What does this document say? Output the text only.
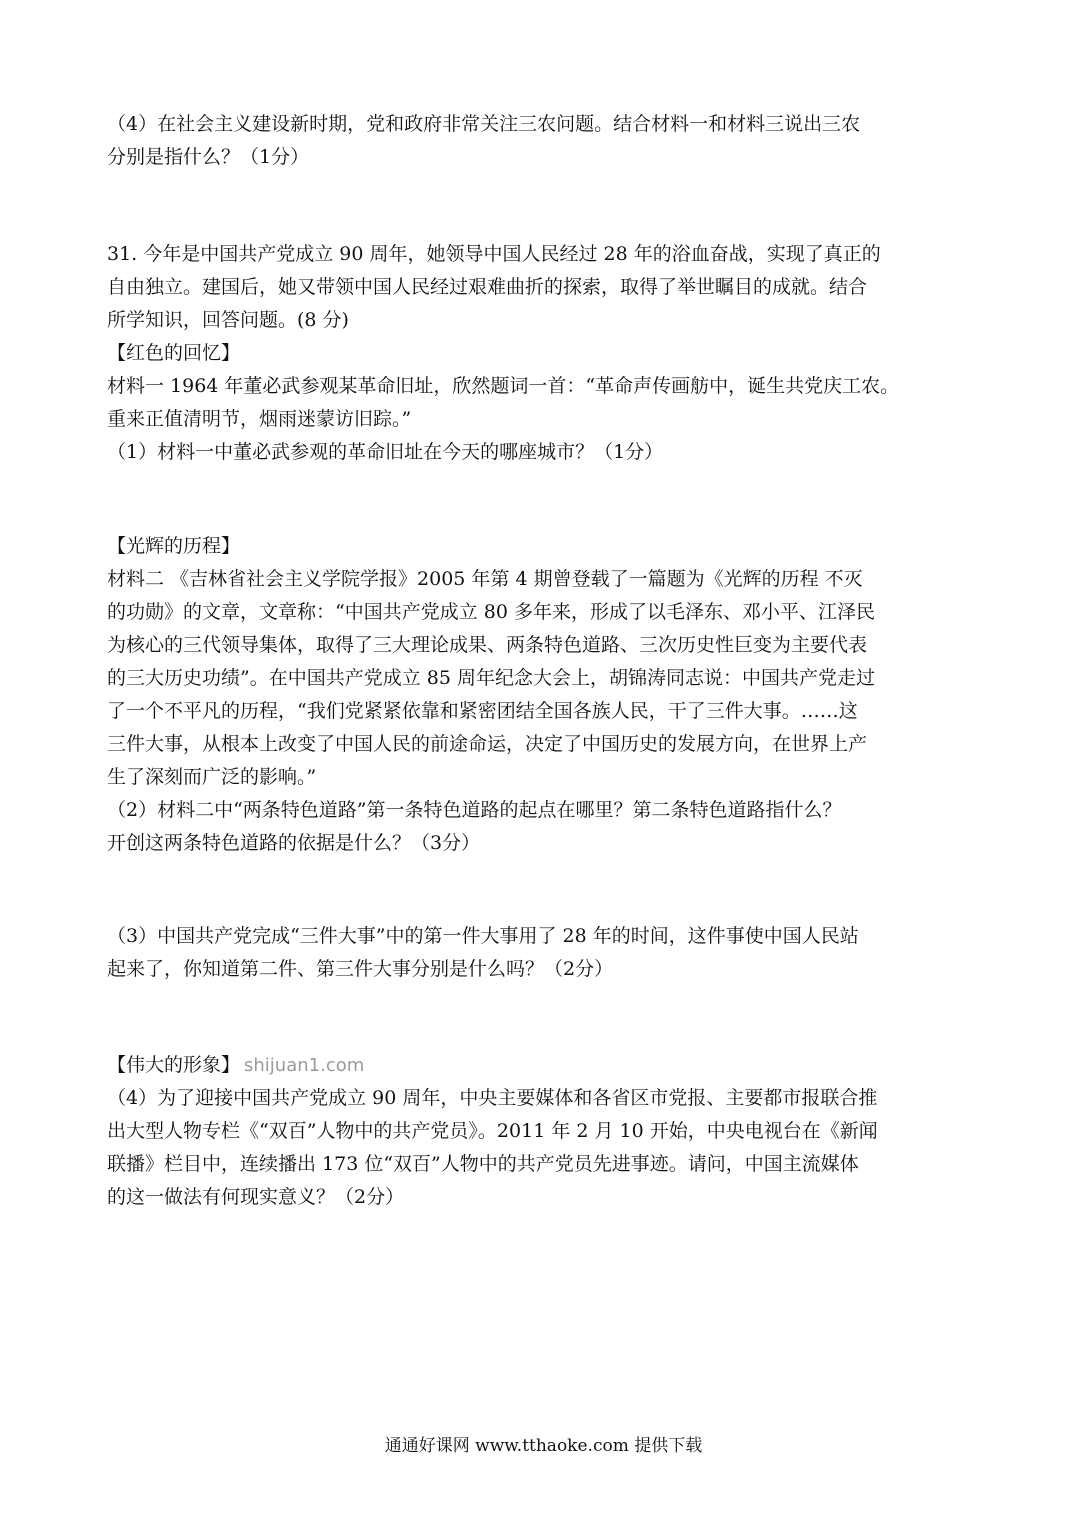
（4）在社会主义建设新时期，党和政府非常关注三农问题。结合材料一和材料三说出三农
分别是指什么？（1分）
31. 今年是中国共产党成立 90 周年，她领导中国人民经过 28 年的浴血奋战，实现了真正的
自由独立。建国后，她又带领中国人民经过艰难曲折的探索，取得了举世瞩目的成就。结合
所学知识，回答问题。(8 分)
【红色的回忆】
材料一 1964 年董必武参观某革命旧址，欣然题词一首：“革命声传画舫中，诞生共党庆工农。
重来正值清明节，烟雨迷蒙访旧踪。”
（1）材料一中董必武参观的革命旧址在今天的哪座城市？（1分）
【光辉的历程】
材料二 《吉林省社会主义学院学报》2005 年第 4 期曾登载了一篇题为《光辉的历程 不灭
的功勋》的文章，文章称：“中国共产党成立 80 多年来，形成了以毛泽东、邓小平、江泽民
为核心的三代领导集体，取得了三大理论成果、两条特色道路、三次历史性巨变为主要代表
的三大历史功绩”。在中国共产党成立 85 周年纪念大会上，胡锦涛同志说：中国共产党走过
了一个不平凡的历程，“我们党紧紧依靠和紧密团结全国各族人民，干了三件大事。……这
三件大事，从根本上改变了中国人民的前途命运，决定了中国历史的发展方向，在世界上产
生了深刻而广泛的影响。”
（2）材料二中“两条特色道路”第一条特色道路的起点在哪里？第二条特色道路指什么？
开创这两条特色道路的依据是什么？（3分）
（3）中国共产党完成“三件大事”中的第一件大事用了 28 年的时间，这件事使中国人民站
起来了，你知道第二件、第三件大事分别是什么吗？（2分）
【伟大的形象】 shijuan1.com
（4）为了迎接中国共产党成立 90 周年，中央主要媒体和各省区市党报、主要都市报联合推
出大型人物专栏《“双百”人物中的共产党员》。2011 年 2 月 10 开始，中央电视台在《新闻
联播》栏目中，连续播出 173 位“双百”人物中的共产党员先进事迹。请问，中国主流媒体
的这一做法有何现实意义？（2分）
通通好课网 www.tthaoke.com 提供下载
